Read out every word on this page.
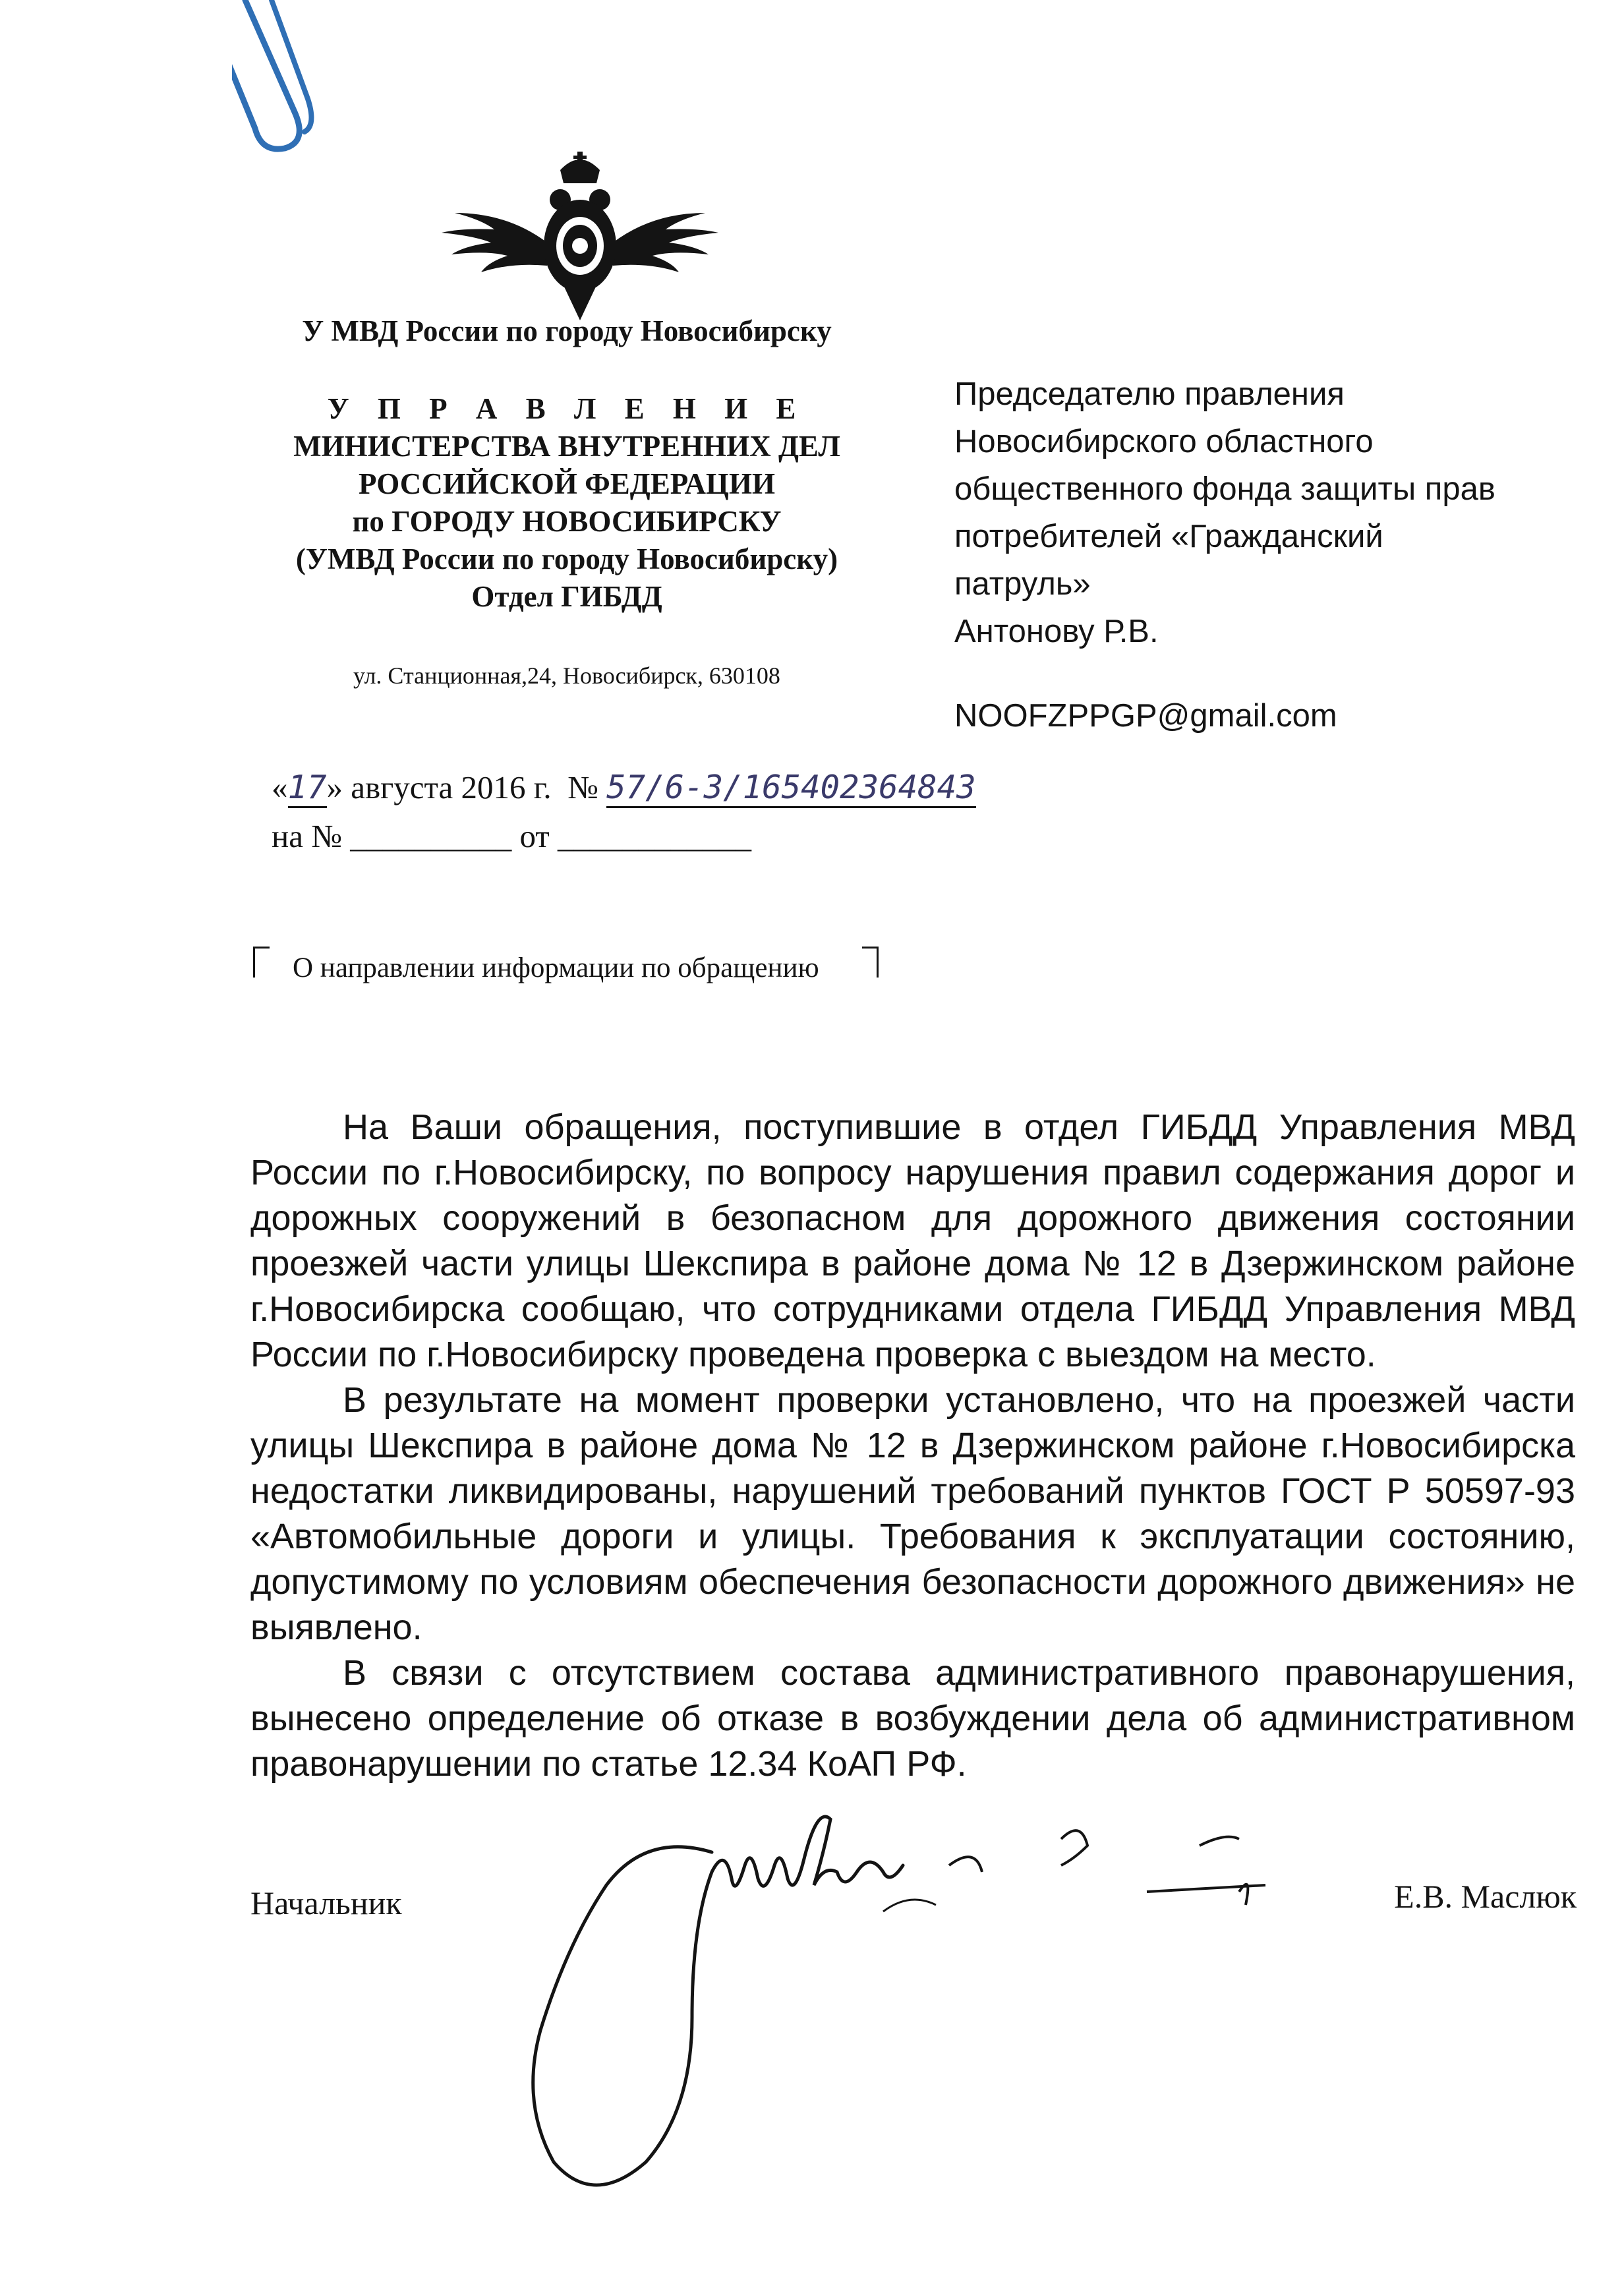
У МВД России по городу Новосибирску
У П Р А В Л Е Н И Е
МИНИСТЕРСТВА ВНУТРЕННИХ ДЕЛ
РОССИЙСКОЙ ФЕДЕРАЦИИ
по ГОРОДУ НОВОСИБИРСКУ
(УМВД России по городу Новосибирску)
Отдел ГИБДД
ул. Станционная,24, Новосибирск, 630108
Председателю правления
Новосибирского областного
общественного фонда защиты прав
потребителей «Гражданский
патруль»
Антонову Р.В.
NOOFZPPGP@gmail.com
«17» августа 2016 г. № 57/6-3/165402364843
на № __________ от ____________
О направлении информации по обращению

На Ваши обращения, поступившие в отдел ГИБДД Управления МВД России по г.Новосибирску, по вопросу нарушения правил содержания дорог и дорожных сооружений в безопасном для дорожного движения состоянии проезжей части улицы Шекспира в районе дома № 12 в Дзержинском районе г.Новосибирска сообщаю, что сотрудниками отдела ГИБДД Управления МВД России по г.Новосибирску проведена проверка с выездом на место.

В результате на момент проверки установлено, что на проезжей части улицы Шекспира в районе дома № 12 в Дзержинском районе г.Новосибирска недостатки ликвидированы, нарушений требований пунктов ГОСТ Р 50597-93 «Автомобильные дороги и улицы. Требования к эксплуатации состоянию, допустимому по условиям обеспечения безопасности дорожного движения» не выявлено.

В связи с отсутствием состава административного правонарушения, вынесено определение об отказе в возбуждении дела об административном правонарушении по статье 12.34 КоАП РФ.

Начальник	Е.В. Маслюк
